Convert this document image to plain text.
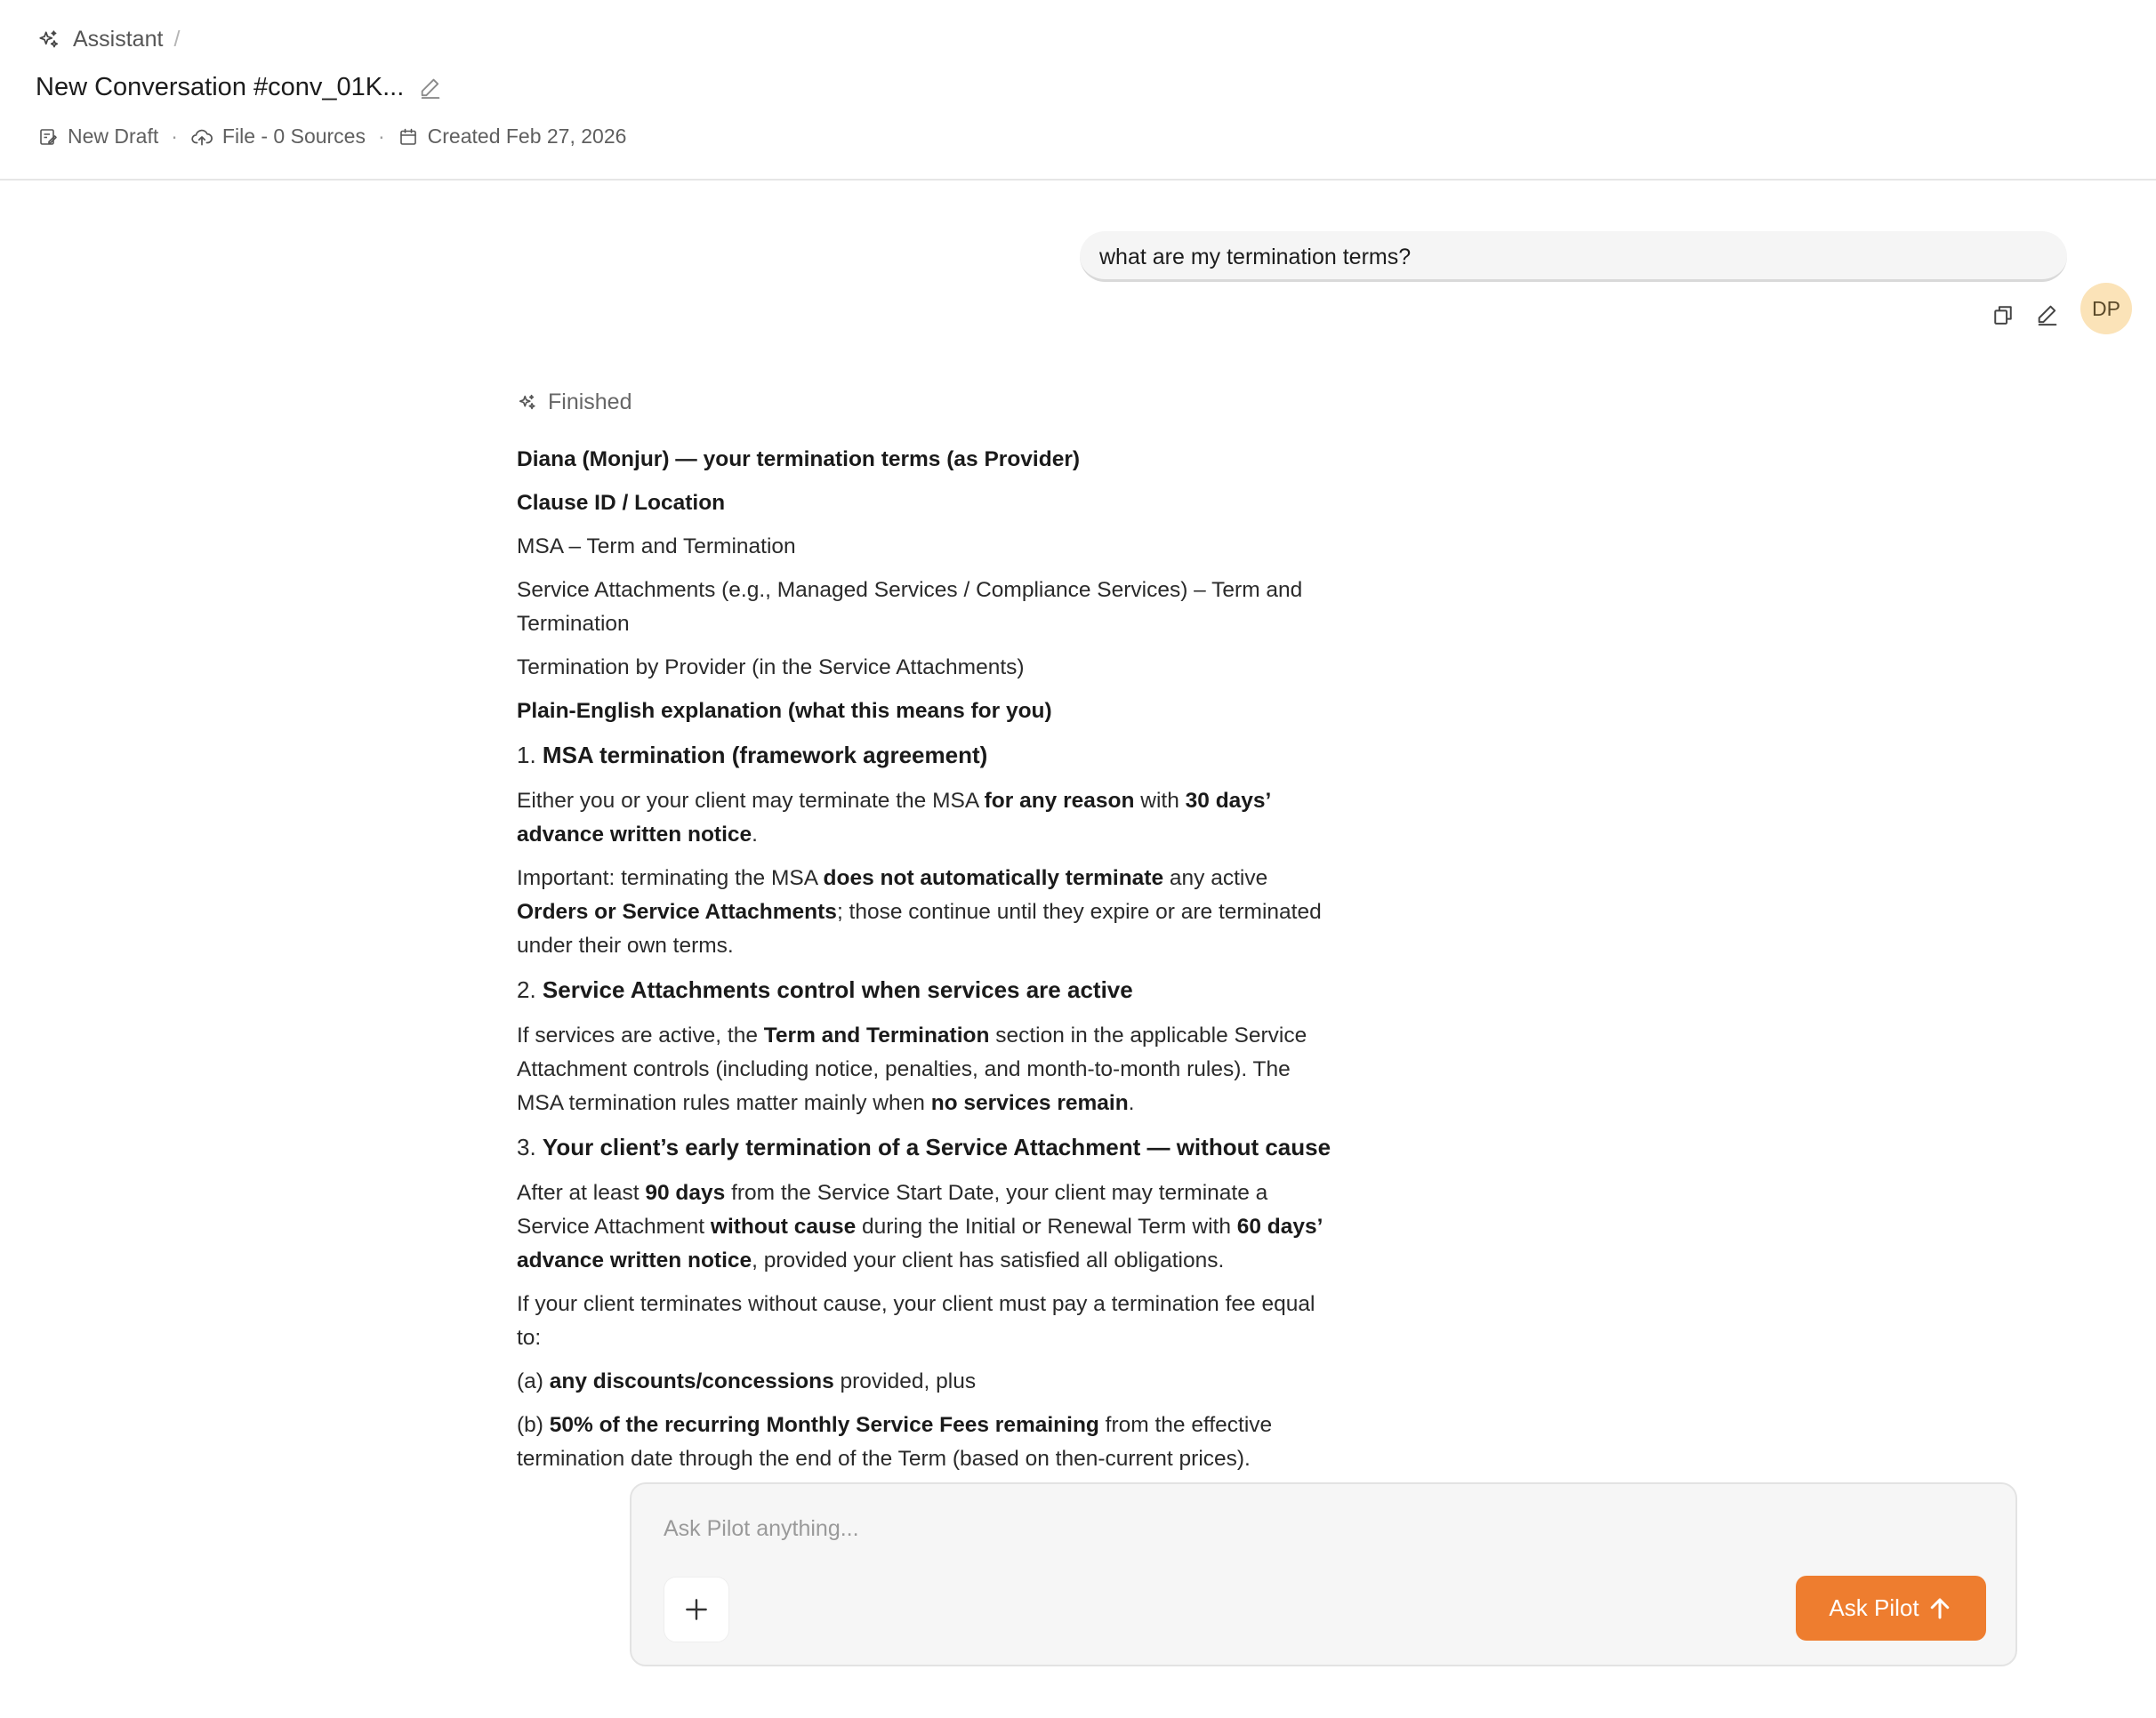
Assistant /
New Conversation #conv_01K...
New Draft · File - 0 Sources · Created Feb 27, 2026
what are my termination terms?
DP
Finished

Diana (Monjur) — your termination terms (as Provider)

Clause ID / Location

MSA – Term and Termination

Service Attachments (e.g., Managed Services / Compliance Services) – Term and Termination

Termination by Provider (in the Service Attachments)

Plain-English explanation (what this means for you)

1. MSA termination (framework agreement)

Either you or your client may terminate the MSA for any reason with 30 days’ advance written notice.

Important: terminating the MSA does not automatically terminate any active Orders or Service Attachments; those continue until they expire or are terminated under their own terms.

2. Service Attachments control when services are active

If services are active, the Term and Termination section in the applicable Service Attachment controls (including notice, penalties, and month-to-month rules). The MSA termination rules matter mainly when no services remain.

3. Your client’s early termination of a Service Attachment — without cause

After at least 90 days from the Service Start Date, your client may terminate a Service Attachment without cause during the Initial or Renewal Term with 60 days’ advance written notice, provided your client has satisfied all obligations.

If your client terminates without cause, your client must pay a termination fee equal to:

(a) any discounts/concessions provided, plus

(b) 50% of the recurring Monthly Service Fees remaining from the effective termination date through the end of the Term (based on then-current prices).

Ask Pilot anything...
Ask Pilot
